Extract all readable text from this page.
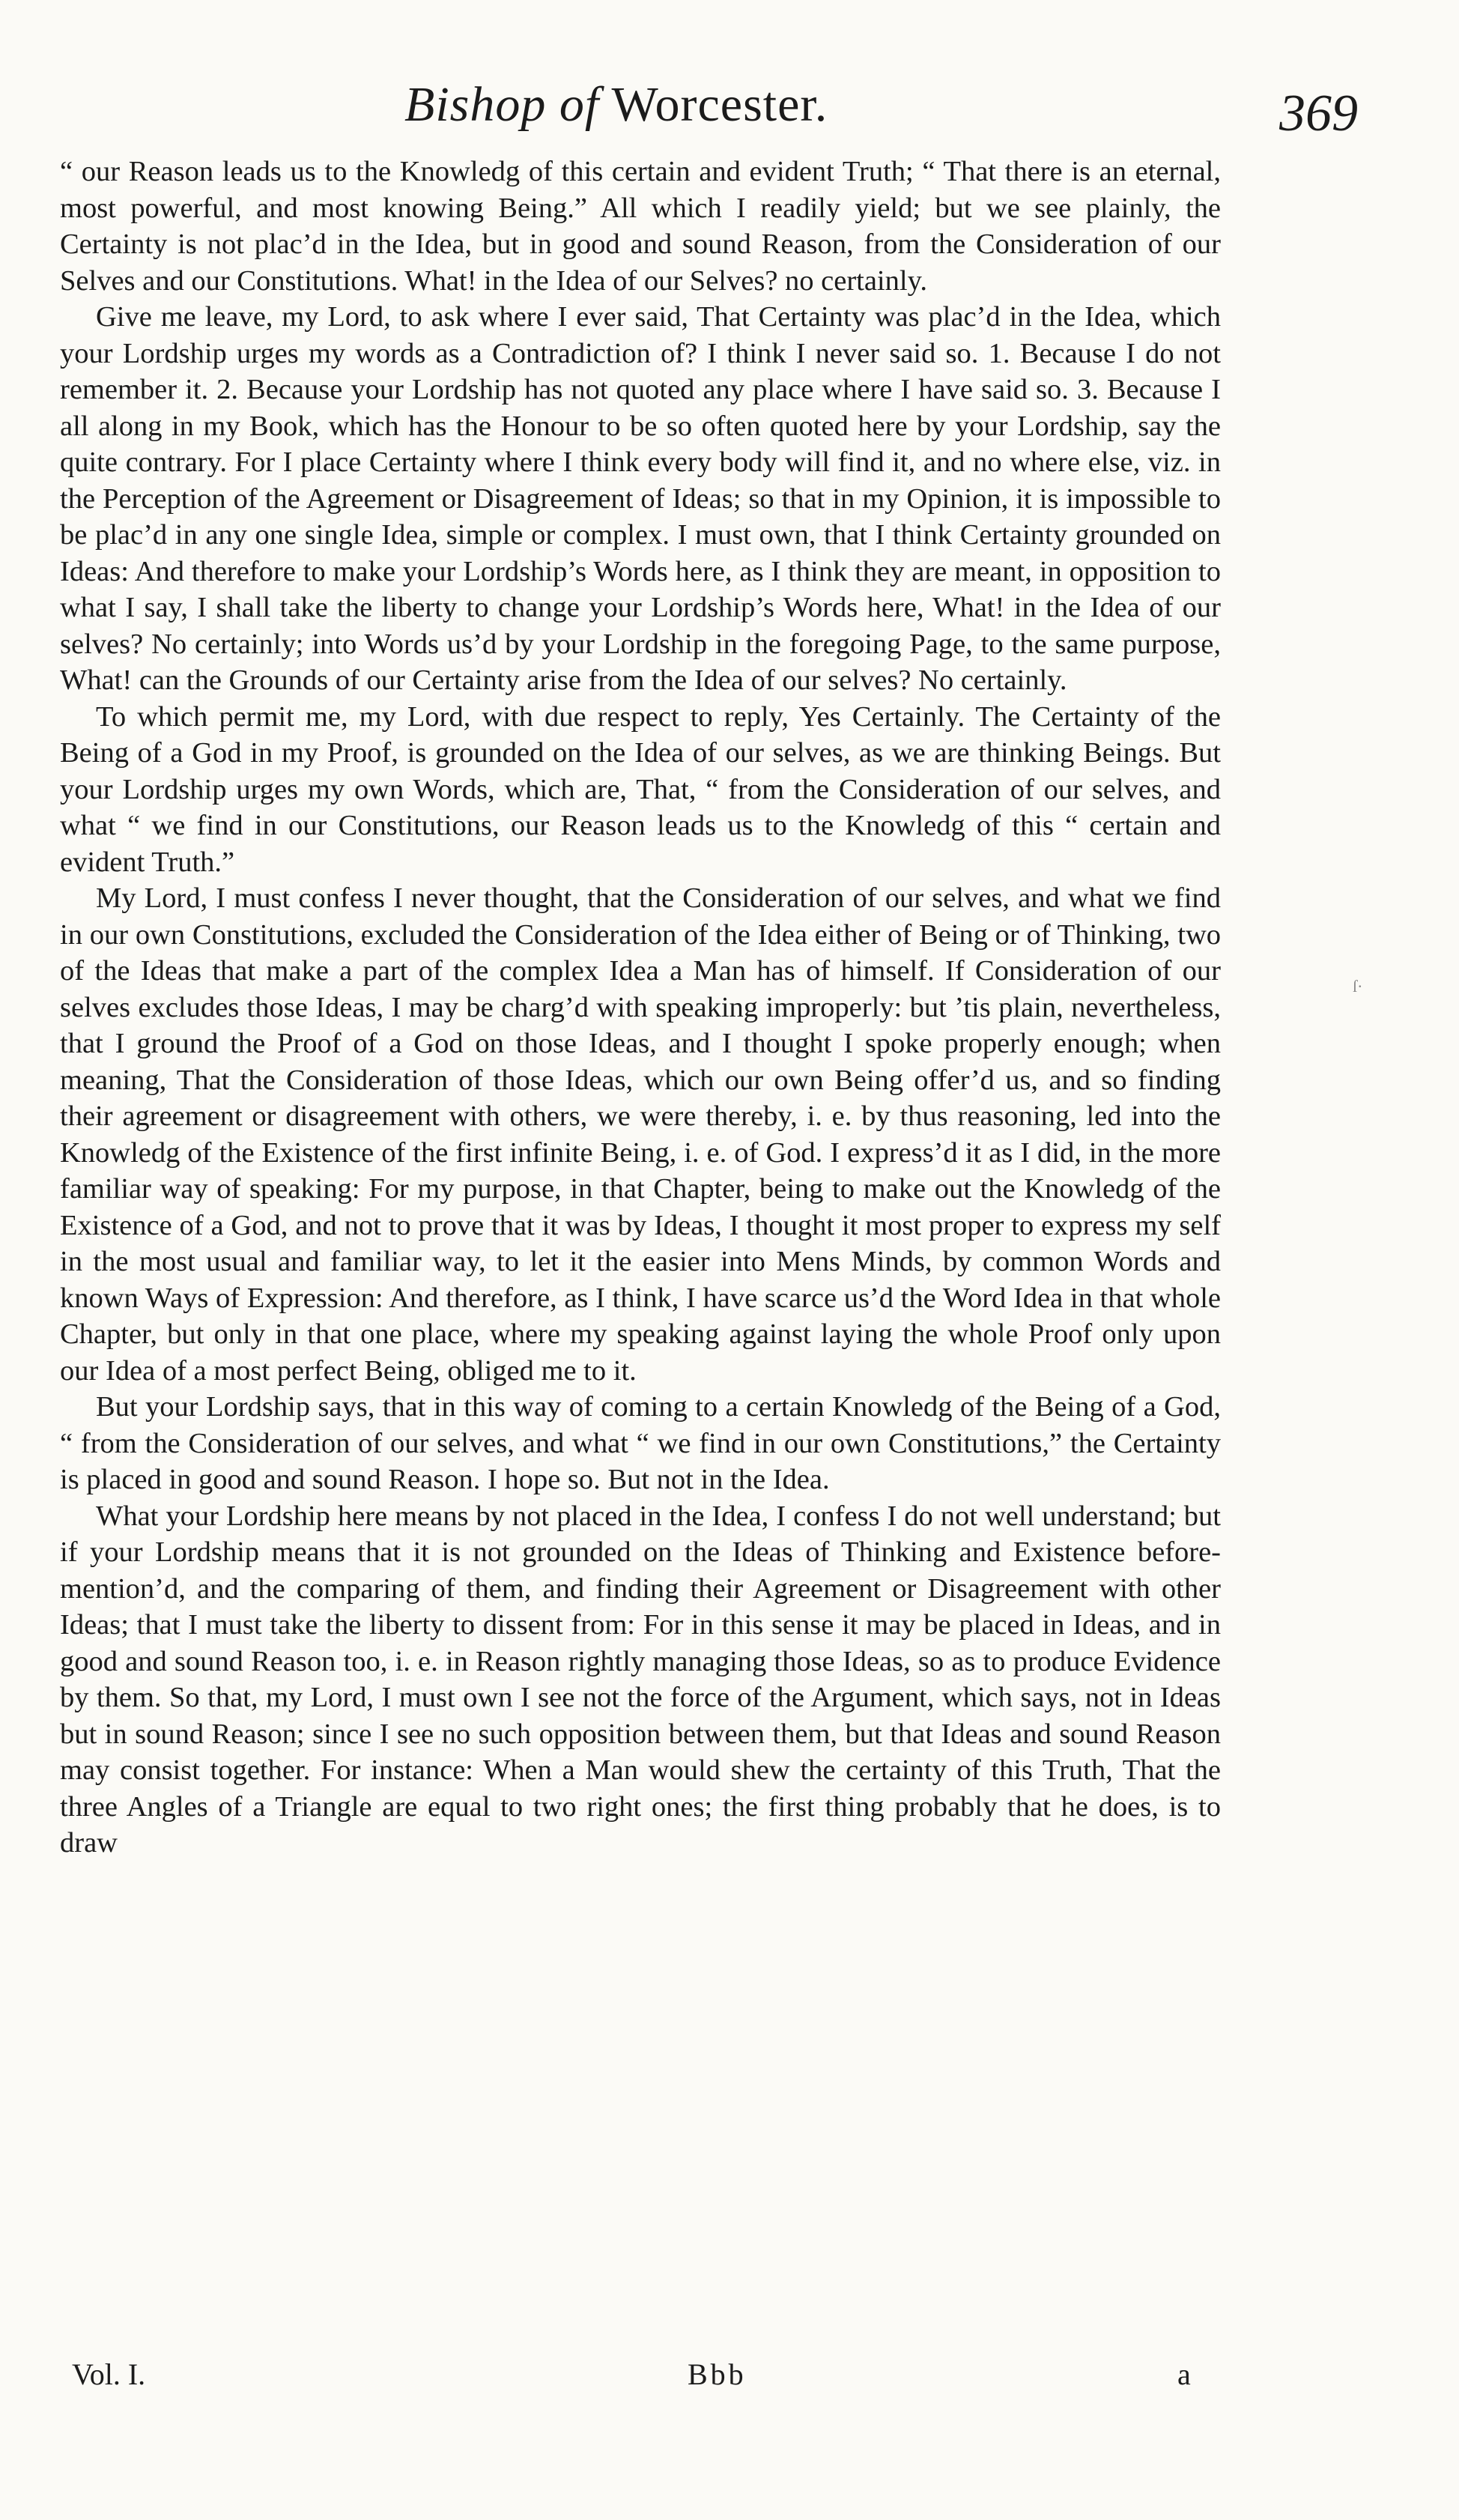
Bishop of Worcester.	369

“ our Reason leads us to the Knowledg of this certain and evident Truth; “ That there is an eternal, most powerful, and most knowing Being.” All which I readily yield; but we see plainly, the Certainty is not plac’d in the Idea, but in good and sound Reason, from the Consideration of our Selves and our Constitutions. What! in the Idea of our Selves? no certainly.

Give me leave, my Lord, to ask where I ever said, That Certainty was plac’d in the Idea, which your Lordship urges my words as a Contradiction of? I think I never said so. 1. Because I do not remember it. 2. Because your Lordship has not quoted any place where I have said so. 3. Because I all along in my Book, which has the Honour to be so often quoted here by your Lordship, say the quite contrary. For I place Certainty where I think every body will find it, and no where else, viz. in the Perception of the Agreement or Disagreement of Ideas; so that in my Opinion, it is impossible to be plac’d in any one single Idea, simple or complex. I must own, that I think Certainty grounded on Ideas: And therefore to make your Lordship’s Words here, as I think they are meant, in opposition to what I say, I shall take the liberty to change your Lordship’s Words here, What! in the Idea of our selves? No certainly; into Words us’d by your Lordship in the foregoing Page, to the same purpose, What! can the Grounds of our Certainty arise from the Idea of our selves? No certainly.

To which permit me, my Lord, with due respect to reply, Yes Certainly. The Certainty of the Being of a God in my Proof, is grounded on the Idea of our selves, as we are thinking Beings. But your Lordship urges my own Words, which are, That, “ from the Consideration of our selves, and what “ we find in our Constitutions, our Reason leads us to the Knowledg of this “ certain and evident Truth.”

My Lord, I must confess I never thought, that the Consideration of our selves, and what we find in our own Constitutions, excluded the Consideration of the Idea either of Being or of Thinking, two of the Ideas that make a part of the complex Idea a Man has of himself. If Consideration of our selves excludes those Ideas, I may be charg’d with speaking improperly: but ’tis plain, nevertheless, that I ground the Proof of a God on those Ideas, and I thought I spoke properly enough; when meaning, That the Consideration of those Ideas, which our own Being offer’d us, and so finding their agreement or disagreement with others, we were thereby, i. e. by thus reasoning, led into the Knowledg of the Existence of the first infinite Being, i. e. of God. I express’d it as I did, in the more familiar way of speaking: For my purpose, in that Chapter, being to make out the Knowledg of the Existence of a God, and not to prove that it was by Ideas, I thought it most proper to express my self in the most usual and familiar way, to let it the easier into Mens Minds, by common Words and known Ways of Expression: And therefore, as I think, I have scarce us’d the Word Idea in that whole Chapter, but only in that one place, where my speaking against laying the whole Proof only upon our Idea of a most perfect Being, obliged me to it.

But your Lordship says, that in this way of coming to a certain Knowledg of the Being of a God, “ from the Consideration of our selves, and what “ we find in our own Constitutions,” the Certainty is placed in good and sound Reason. I hope so. But not in the Idea.

What your Lordship here means by not placed in the Idea, I confess I do not well understand; but if your Lordship means that it is not grounded on the Ideas of Thinking and Existence before-mention’d, and the comparing of them, and finding their Agreement or Disagreement with other Ideas; that I must take the liberty to dissent from: For in this sense it may be placed in Ideas, and in good and sound Reason too, i. e. in Reason rightly managing those Ideas, so as to produce Evidence by them. So that, my Lord, I must own I see not the force of the Argument, which says, not in Ideas but in sound Reason; since I see no such opposition between them, but that Ideas and sound Reason may consist together. For instance: When a Man would shew the certainty of this Truth, That the three Angles of a Triangle are equal to two right ones; the first thing probably that he does, is to draw

ſ·
Vol. I.	Bbb	a
